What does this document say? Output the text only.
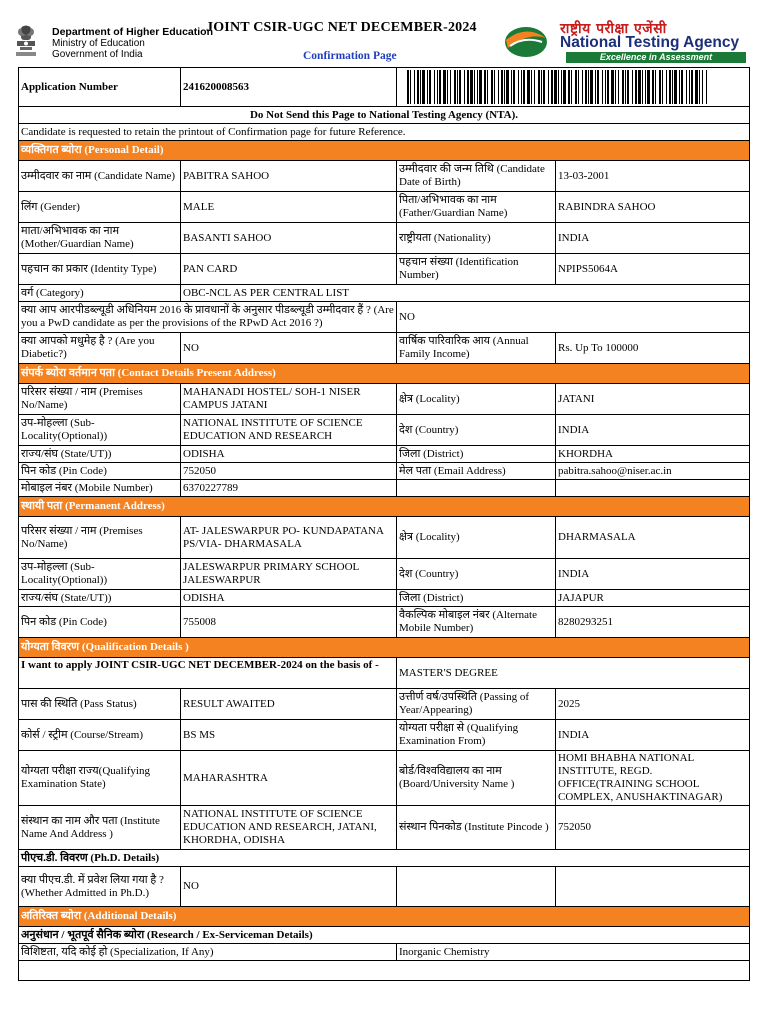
Department of Higher Education
Ministry of Education
Government of India
JOINT CSIR-UGC NET DECEMBER-2024
Confirmation Page
राष्ट्रीय परीक्षा एजेंसी
National Testing Agency
Excellence in Assessment
Application Number	241620008563	

Do Not Send this Page to National Testing Agency (NTA).			
Candidate is requested to retain the printout of Confirmation page for future Reference.			
व्यक्तिगत ब्योरा (Personal Detail)			
उम्मीदवार का नाम (Candidate Name)	PABITRA SAHOO	उम्मीदवार की जन्म तिथि (Candidate Date of Birth)	13-03-2001
लिंग (Gender)	MALE	पिता/अभिभावक का नाम (Father/Guardian Name)	RABINDRA SAHOO
माता/अभिभावक का नाम (Mother/Guardian Name)	BASANTI SAHOO	राष्ट्रीयता (Nationality)	INDIA
पहचान का प्रकार (Identity Type)	PAN CARD	पहचान संख्या (Identification Number)	NPIPS5064A
वर्ग (Category)	OBC-NCL AS PER CENTRAL LIST		
क्या आप आरपीडब्ल्यूडी अधिनियम 2016 के प्रावधानों के अनुसार पीडब्ल्यूडी उम्मीदवार हैं ? (Are you a PwD candidate as per the provisions of the RPwD Act 2016 ?)		NO	
क्या आपको मधुमेह है ? (Are you Diabetic?)	NO	वार्षिक पारिवारिक आय (Annual Family Income)	Rs. Up To 100000
संपर्क ब्योरा वर्तमान पता (Contact Details Present Address)			
परिसर संख्या / नाम (Premises No/Name)	MAHANADI HOSTEL/ SOH-1 NISER CAMPUS JATANI	क्षेत्र (Locality)	JATANI
उप-मोहल्ला (Sub-Locality(Optional))	NATIONAL INSTITUTE OF SCIENCE EDUCATION AND RESEARCH	देश (Country)	INDIA
राज्य/संघ (State/UT))	ODISHA	जिला (District)	KHORDHA
पिन कोड (Pin Code)	752050	मेल पता (Email Address)	pabitra.sahoo@niser.ac.in
मोबाइल नंबर (Mobile Number)	6370227789		
स्थायी पता (Permanent Address)			
परिसर संख्या / नाम (Premises No/Name)	AT- JALESWARPUR PO- KUNDAPATANA PS/VIA- DHARMASALA	क्षेत्र (Locality)	DHARMASALA
उप-मोहल्ला (Sub-Locality(Optional))	JALESWARPUR PRIMARY SCHOOL JALESWARPUR	देश (Country)	INDIA
राज्य/संघ (State/UT))	ODISHA	जिला (District)	JAJAPUR
पिन कोड (Pin Code)	755008	वैकल्पिक मोबाइल नंबर (Alternate Mobile Number)	8280293251
योग्यता विवरण (Qualification Details )			
I want to apply JOINT CSIR-UGC NET DECEMBER-2024 on the basis of -		MASTER'S DEGREE	
पास की स्थिति (Pass Status)	RESULT AWAITED	उत्तीर्ण वर्ष/उपस्थिति (Passing of Year/Appearing)	2025
कोर्स / स्ट्रीम (Course/Stream)	BS MS	योग्यता परीक्षा से (Qualifying Examination From)	INDIA
योग्यता परीक्षा राज्य(Qualifying Examination State)	MAHARASHTRA	बोर्ड/विश्वविद्यालय का नाम (Board/University Name )	HOMI BHABHA NATIONAL INSTITUTE, REGD. OFFICE(TRAINING SCHOOL COMPLEX, ANUSHAKTINAGAR)
संस्थान का नाम और पता (Institute Name And Address )	NATIONAL INSTITUTE OF SCIENCE EDUCATION AND RESEARCH, JATANI, KHORDHA, ODISHA	संस्थान पिनकोड (Institute Pincode )	752050
पीएच.डी. विवरण (Ph.D. Details)			
क्या पीएच.डी. में प्रवेश लिया गया है ? (Whether Admitted in Ph.D.)	NO		
अतिरिक्त ब्योरा (Additional Details)			
अनुसंधान / भूतपूर्व सैनिक ब्योरा (Research / Ex-Serviceman Details)			
विशिष्टता, यदि कोई हो (Specialization, If Any)		Inorganic Chemistry	
